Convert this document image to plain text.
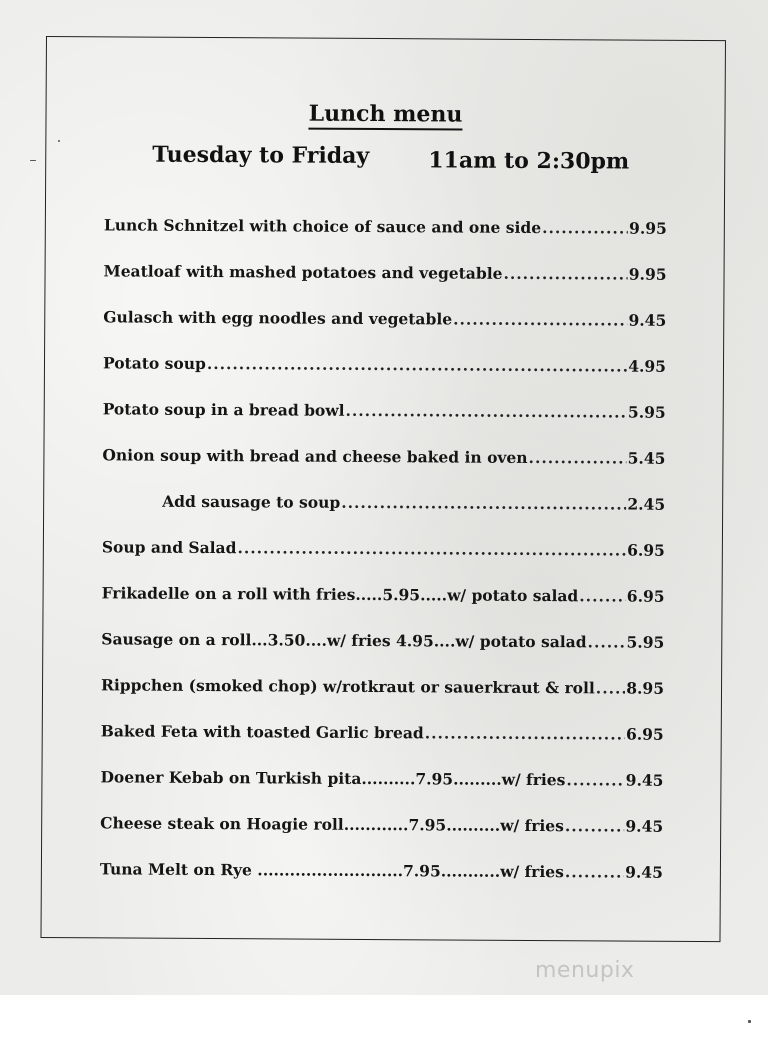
Lunch menu
Tuesday to Friday	11am to 2:30pm
Lunch Schnitzel with choice of sauce and one side .....	9.95
Meatloaf with mashed potatoes and vegetable .....	9.95
Gulasch with egg noodles and vegetable .....	9.45
Potato soup .....	4.95
Potato soup in a bread bowl .....	5.95
Onion soup with bread and cheese baked in oven .....	5.45
Add sausage to soup .....	2.45
Soup and Salad .....	6.95
Frikadelle on a roll with fries.....5.95.....w/ potato salad .....	6.95
Sausage on a roll...3.50....w/ fries 4.95....w/ potato salad .....	5.95
Rippchen (smoked chop) w/rotkraut or sauerkraut & roll ..... 8.95
Baked Feta with toasted Garlic bread .....	6.95
Doener Kebab on Turkish pita..........7.95.........w/ fries .....	9.45
Cheese steak on Hoagie roll............7.95..........w/ fries .....	9.45
Tuna Melt on Rye ...........................7.95...........w/ fries .....	9.45
menupix
